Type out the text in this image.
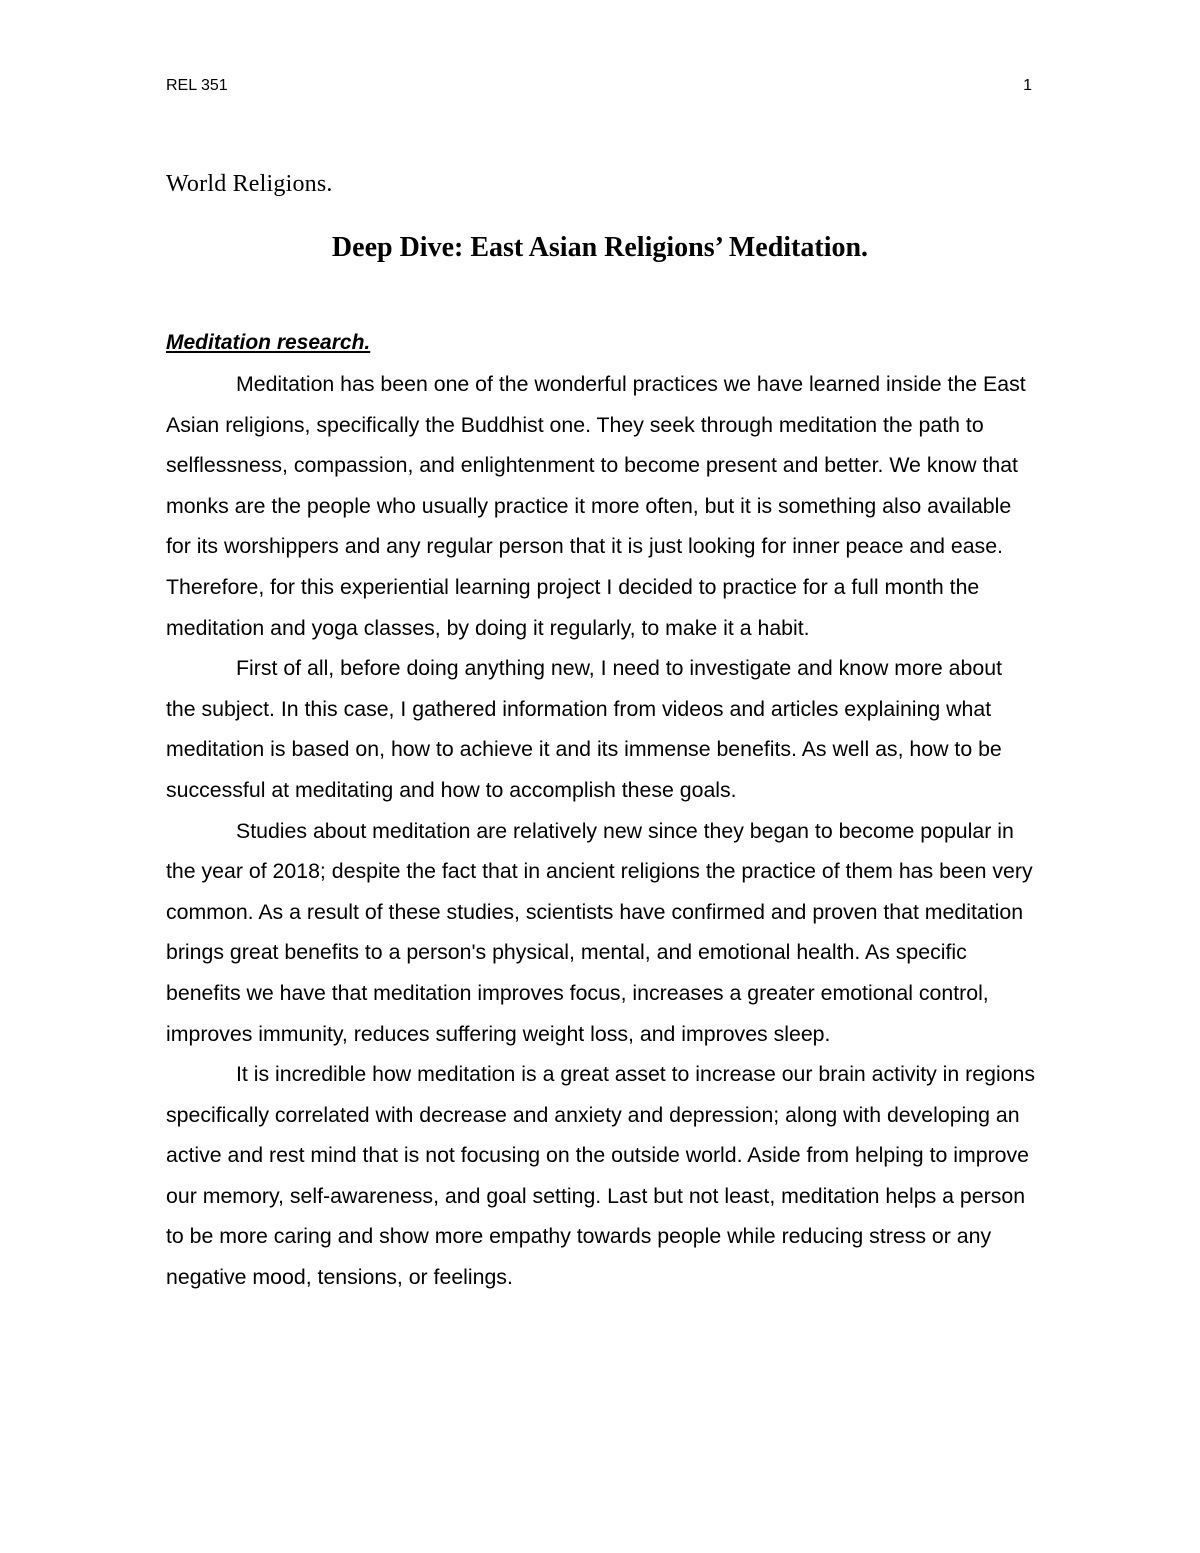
REL 351	1
World Religions.
Deep Dive: East Asian Religions’ Meditation.
Meditation research.

Meditation has been one of the wonderful practices we have learned inside the East Asian religions, specifically the Buddhist one. They seek through meditation the path to selflessness, compassion, and enlightenment to become present and better. We know that monks are the people who usually practice it more often, but it is something also available for its worshippers and any regular person that it is just looking for inner peace and ease. Therefore, for this experiential learning project I decided to practice for a full month the meditation and yoga classes, by doing it regularly, to make it a habit.

First of all, before doing anything new, I need to investigate and know more about the subject. In this case, I gathered information from videos and articles explaining what meditation is based on, how to achieve it and its immense benefits. As well as, how to be successful at meditating and how to accomplish these goals.

Studies about meditation are relatively new since they began to become popular in the year of 2018; despite the fact that in ancient religions the practice of them has been very common. As a result of these studies, scientists have confirmed and proven that meditation brings great benefits to a person's physical, mental, and emotional health. As specific benefits we have that meditation improves focus, increases a greater emotional control, improves immunity, reduces suffering weight loss, and improves sleep.

It is incredible how meditation is a great asset to increase our brain activity in regions specifically correlated with decrease and anxiety and depression; along with developing an active and rest mind that is not focusing on the outside world. Aside from helping to improve our memory, self-awareness, and goal setting. Last but not least, meditation helps a person to be more caring and show more empathy towards people while reducing stress or any negative mood, tensions, or feelings.
